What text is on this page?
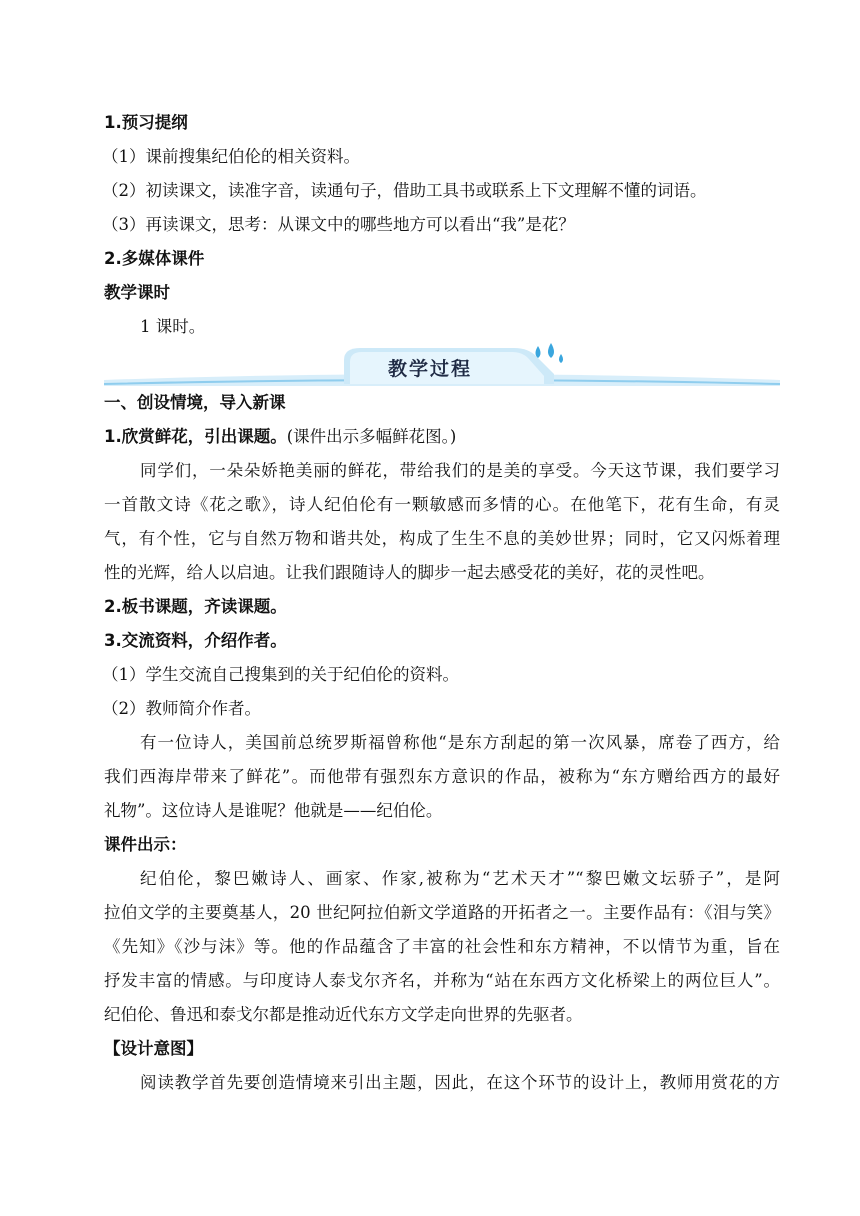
1.预习提纲
（1）课前搜集纪伯伦的相关资料。
（2）初读课文，读准字音，读通句子，借助工具书或联系上下文理解不懂的词语。
（3）再读课文，思考：从课文中的哪些地方可以看出“我”是花？
2.多媒体课件
教学课时
1 课时。
教学过程
一、创设情境，导入新课
1.欣赏鲜花，引出课题。(课件出示多幅鲜花图。)
同学们，一朵朵娇艳美丽的鲜花，带给我们的是美的享受。今天这节课，我们要学习
一首散文诗《花之歌》，诗人纪伯伦有一颗敏感而多情的心。在他笔下，花有生命，有灵
气，有个性，它与自然万物和谐共处，构成了生生不息的美妙世界；同时，它又闪烁着理
性的光辉，给人以启迪。让我们跟随诗人的脚步一起去感受花的美好，花的灵性吧。
2.板书课题，齐读课题。
3.交流资料，介绍作者。
（1）学生交流自己搜集到的关于纪伯伦的资料。
（2）教师简介作者。
有一位诗人，美国前总统罗斯福曾称他“是东方刮起的第一次风暴，席卷了西方，给
我们西海岸带来了鲜花”。而他带有强烈东方意识的作品，被称为“东方赠给西方的最好
礼物”。这位诗人是谁呢？他就是——纪伯伦。
课件出示：
纪伯伦，黎巴嫩诗人、画家、作家,被称为“艺术天才”“黎巴嫩文坛骄子”，是阿
拉伯文学的主要奠基人，20 世纪阿拉伯新文学道路的开拓者之一。主要作品有：《泪与笑》
《先知》《沙与沫》等。他的作品蕴含了丰富的社会性和东方精神，不以情节为重，旨在
抒发丰富的情感。与印度诗人泰戈尔齐名，并称为“站在东西方文化桥梁上的两位巨人”。
纪伯伦、鲁迅和泰戈尔都是推动近代东方文学走向世界的先驱者。
【设计意图】
阅读教学首先要创造情境来引出主题，因此，在这个环节的设计上，教师用赏花的方
